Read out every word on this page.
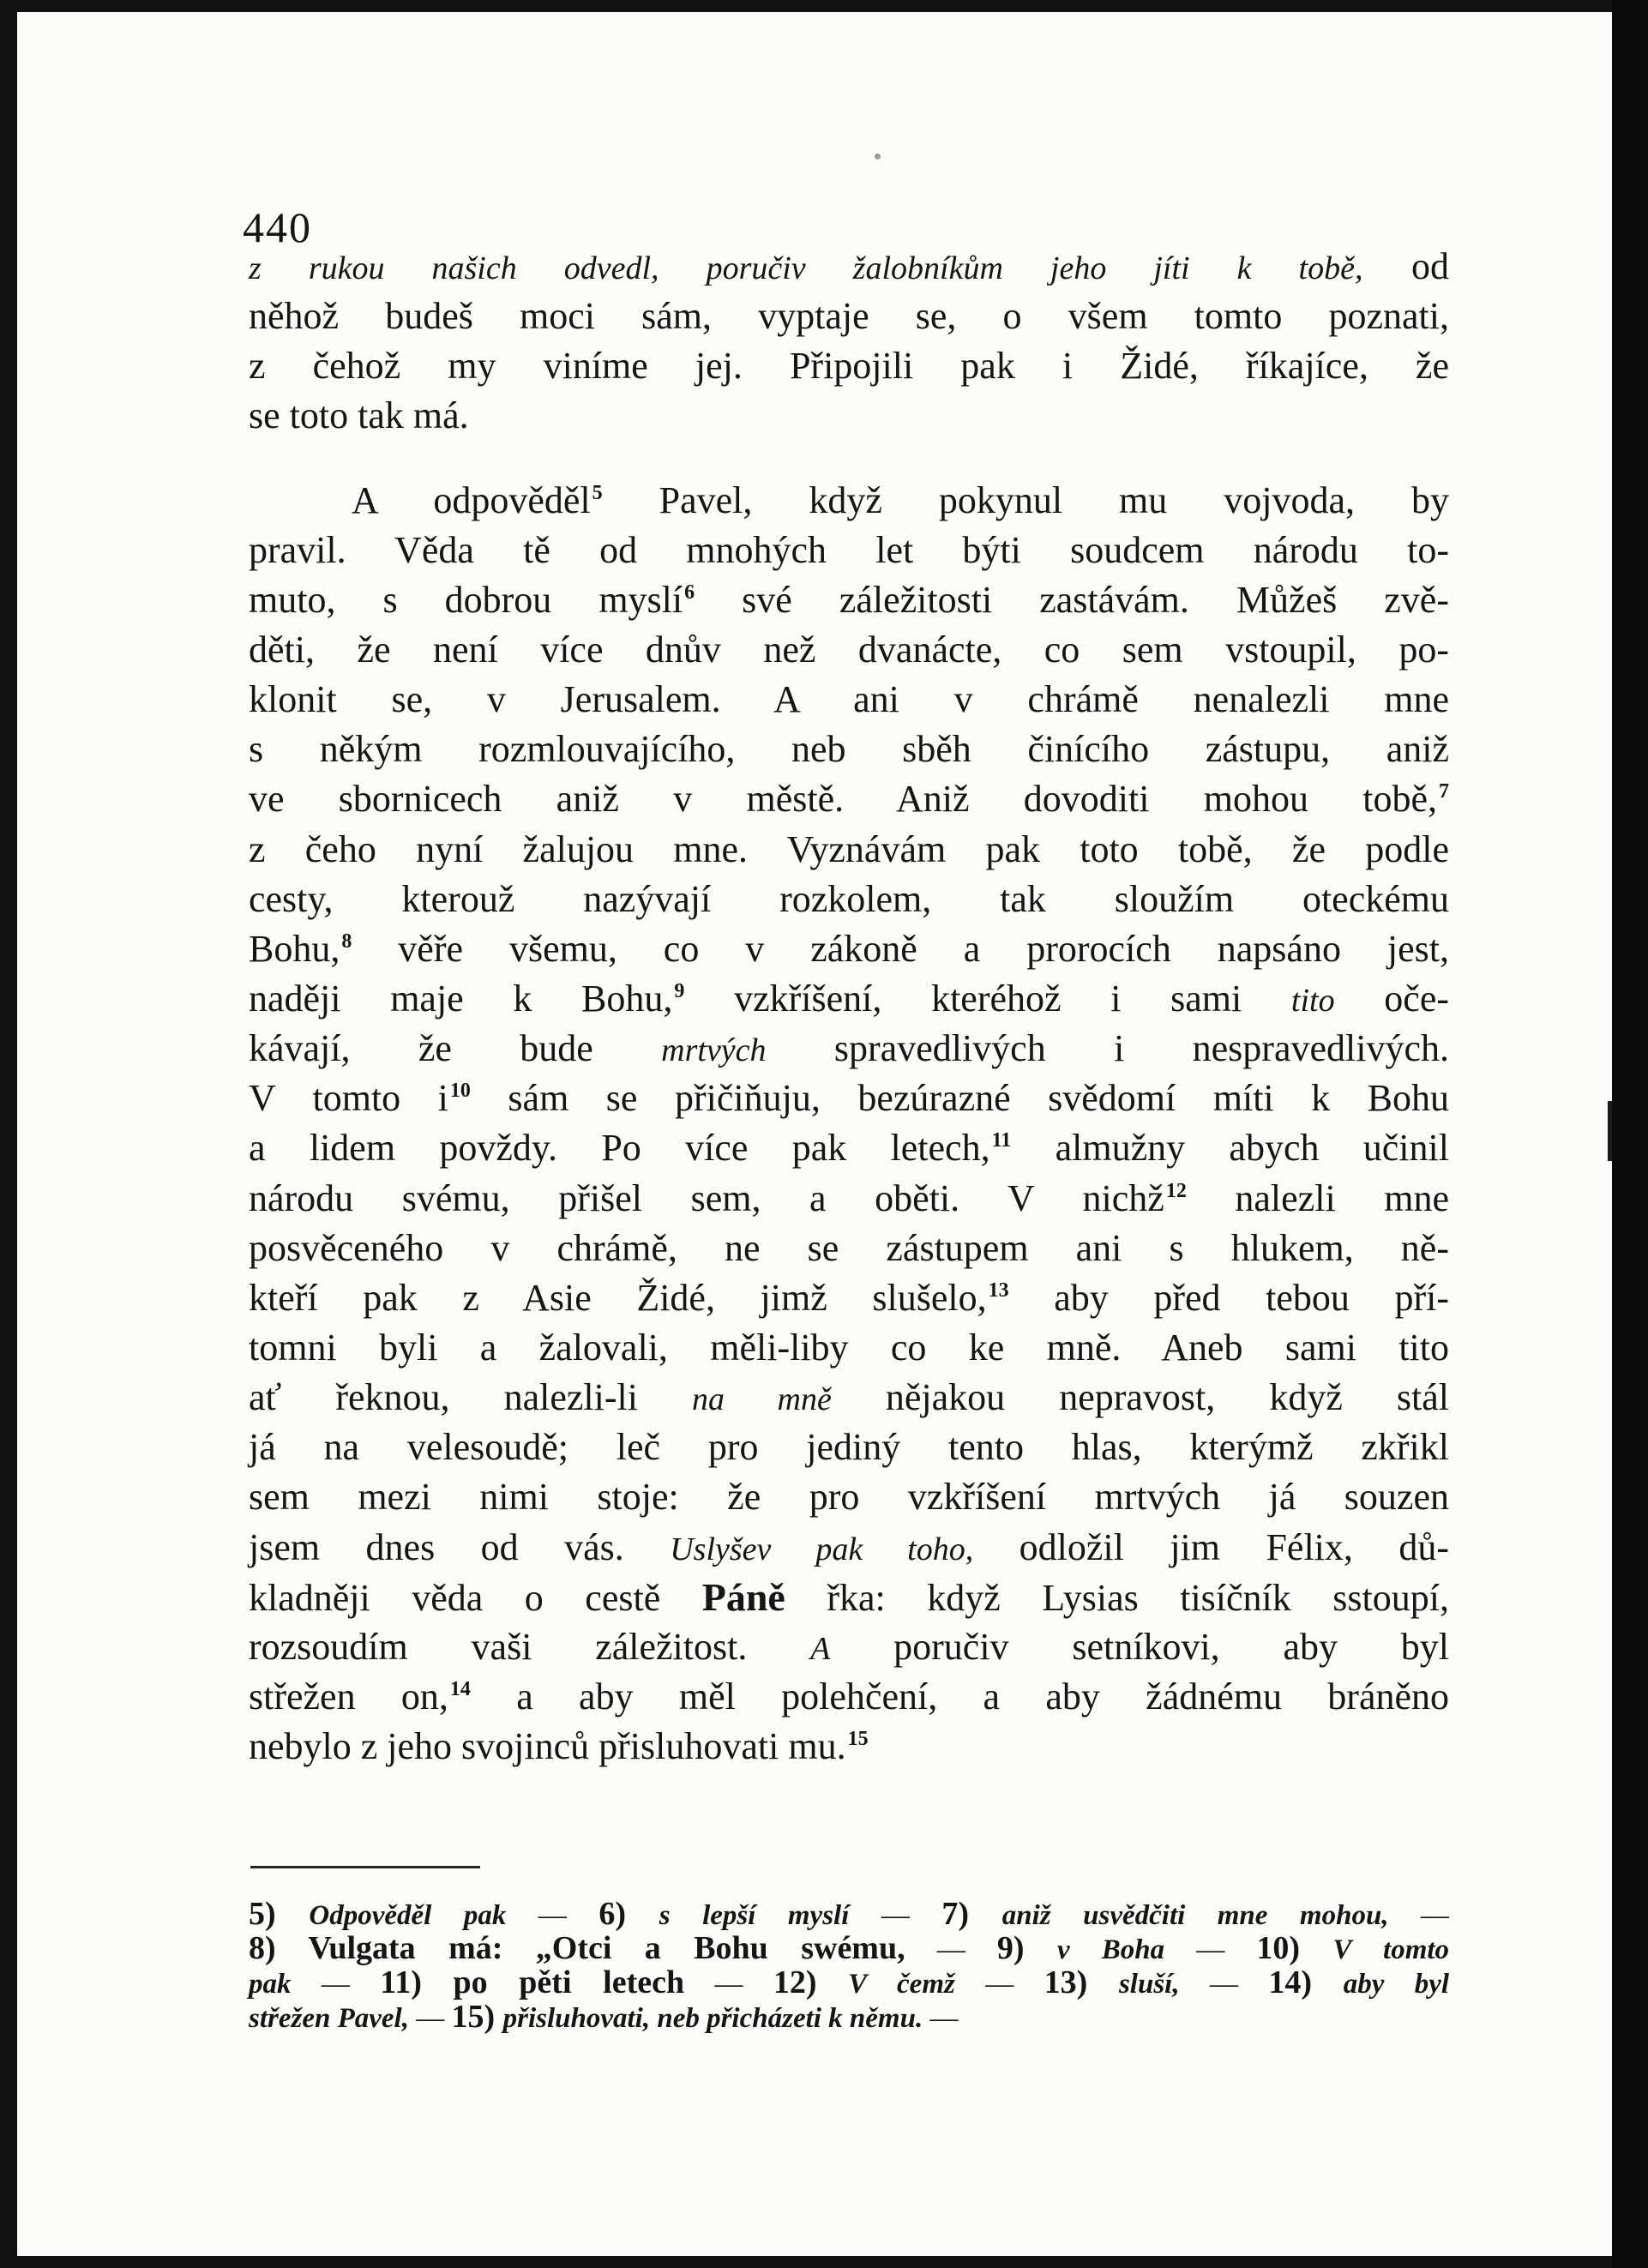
440
z rukou našich odvedl, poručiv žalobníkům jeho jíti k tobě, od
něhož budeš moci sám, vyptaje se, o všem tomto poznati,
z čehož my viníme jej. Připojili pak i Židé, říkajíce, že
se toto tak má.
A odpověděl$^5$ Pavel, když pokynul mu vojvoda, by
pravil. Věda tě od mnohých let býti soudcem národu to-
muto, s dobrou myslí$^6$ své záležitosti zastávám. Můžeš zvě-
děti, že není více dnův než dvanácte, co sem vstoupil, po-
klonit se, v Jerusalem. A ani v chrámě nenalezli mne
s někým rozmlouvajícího, neb sběh činícího zástupu, aniž
ve sbornicech aniž v městě. Aniž dovoditi mohou tobě,$^7$
z čeho nyní žalujou mne. Vyznávám pak toto tobě, že podle
cesty, kterouž nazývají rozkolem, tak sloužím oteckému
Bohu,$^8$ věře všemu, co v zákoně a prorocích napsáno jest,
naději maje k Bohu,$^9$ vzkříšení, kteréhož i sami tito oče-
kávají, že bude mrtvých spravedlivých i nespravedlivých.
V tomto $i^{10}$ sám se přičiňuju, bezúrazné svědomí míti k Bohu
a lidem povždy. Po více pak letech,$^{11}$ almužny abych učinil
národu svému, přišel sem, a oběti. V nichž$^{12}$ nalezli mne
posvěceného v chrámě, ne se zástupem ani s hlukem, ně-
kteří pak z Asie Židé, jimž slušelo,$^{13}$ aby před tebou pří-
tomni byli a žalovali, měli-liby co ke mně. Aneb sami tito
ať řeknou, nalezli-li na mně nějakou nepravost, když stál
já na velesoudě; leč pro jediný tento hlas, kterýmž zkřikl
sem mezi nimi stoje: že pro vzkříšení mrtvých já souzen
jsem dnes od vás. Uslyšev pak toho, odložil jim Félix, dů-
kladněji věda o cestě Páně řka: když Lysias tisíčník sstoupí,
rozsoudím vaši záležitost. A poručiv setníkovi, aby byl
střežen on,$^{14}$ a aby měl polehčení, a aby žádnému bráněno
nebylo z jeho svojinců přisluhovati mu.$^{15}$
5) Odpověděl pak — 6) s lepší myslí — 7) aniž usvědčiti mne mohou, —
8) Vulgata má: „Otci a Bohu swému, — 9) v Boha — 10) V tomto
pak — 11) po pěti letech — 12) V čemž — 13) sluší, — 14) aby byl
střežen Pavel, — 15) přisluhovati, neb přicházeti k němu. —
